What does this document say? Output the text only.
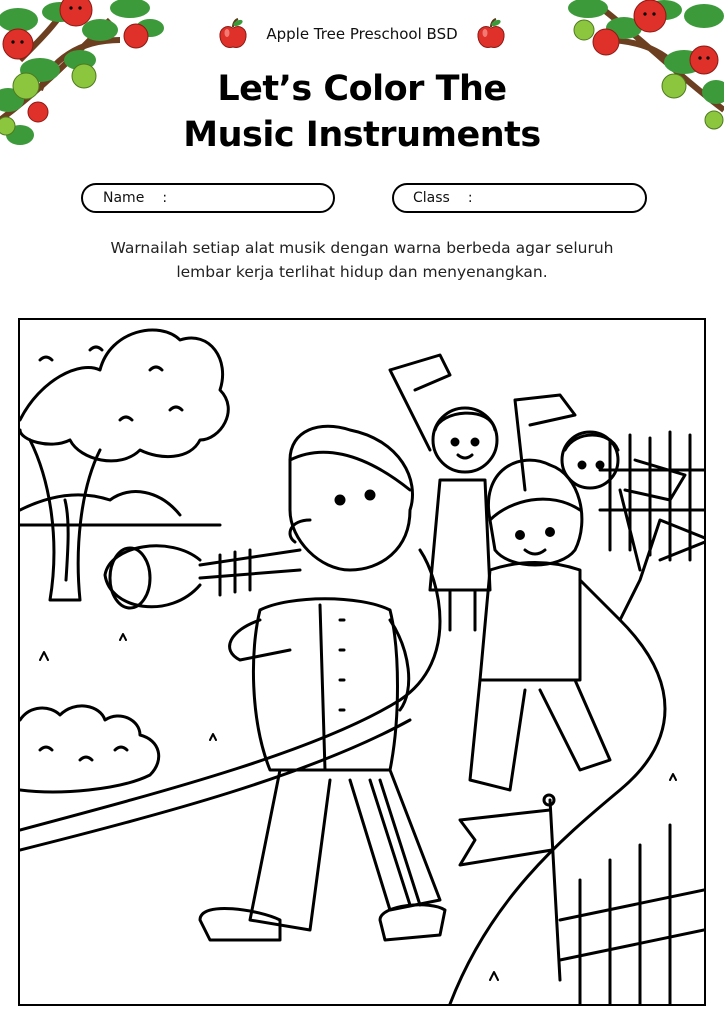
Apple Tree Preschool BSD
Let’s Color The
Music Instruments
Name :	Class :
Warnailah setiap alat musik dengan warna berbeda agar seluruh
lembar kerja terlihat hidup dan menyenangkan.
